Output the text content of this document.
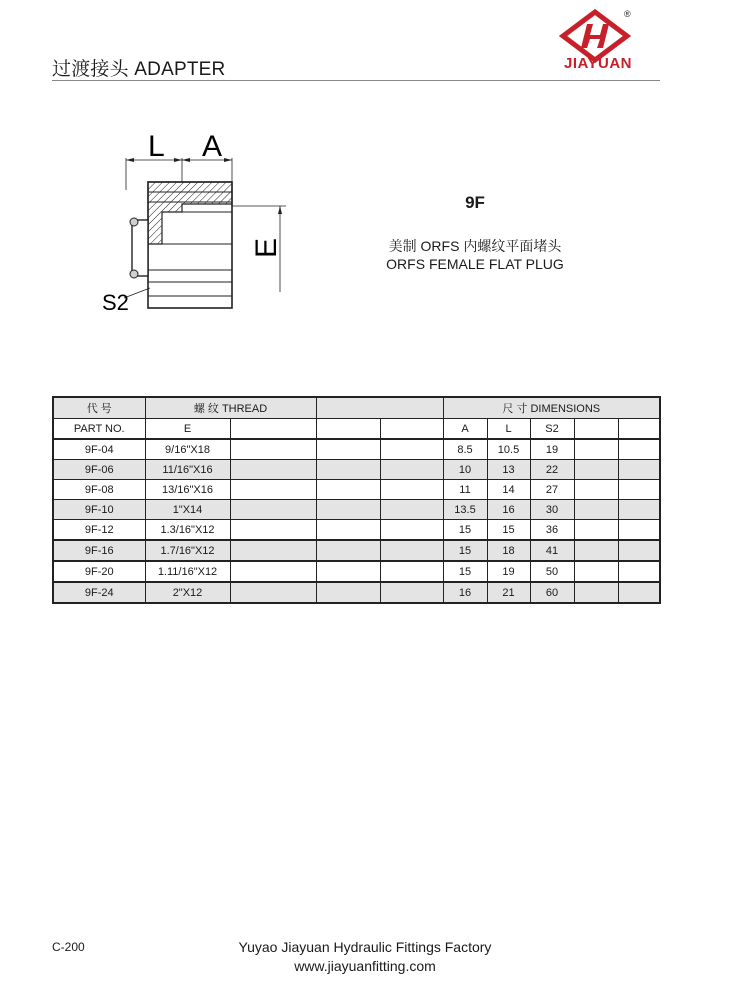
过渡接头 ADAPTER
®
JIAYUAN
L A
E
S2
9F
美制 ORFS 内螺纹平面堵头
ORFS FEMALE FLAT PLUG
代 号	螺 纹 THREAD				尺 寸 DIMENSIONS				
PART NO.	E				A	L	S2		
9F-04	9/16"X18				8.5	10.5	19		
9F-06	11/16"X16				10	13	22		
9F-08	13/16"X16				11	14	27		
9F-10	1"X14				13.5	16	30		
9F-12	1.3/16"X12				15	15	36		
9F-16	1.7/16"X12				15	18	41		
9F-20	1.11/16"X12				15	19	50		
9F-24	2"X12				16	21	60		
C-200	Yuyao Jiayuan Hydraulic Fittings Factory
www.jiayuanfitting.com
